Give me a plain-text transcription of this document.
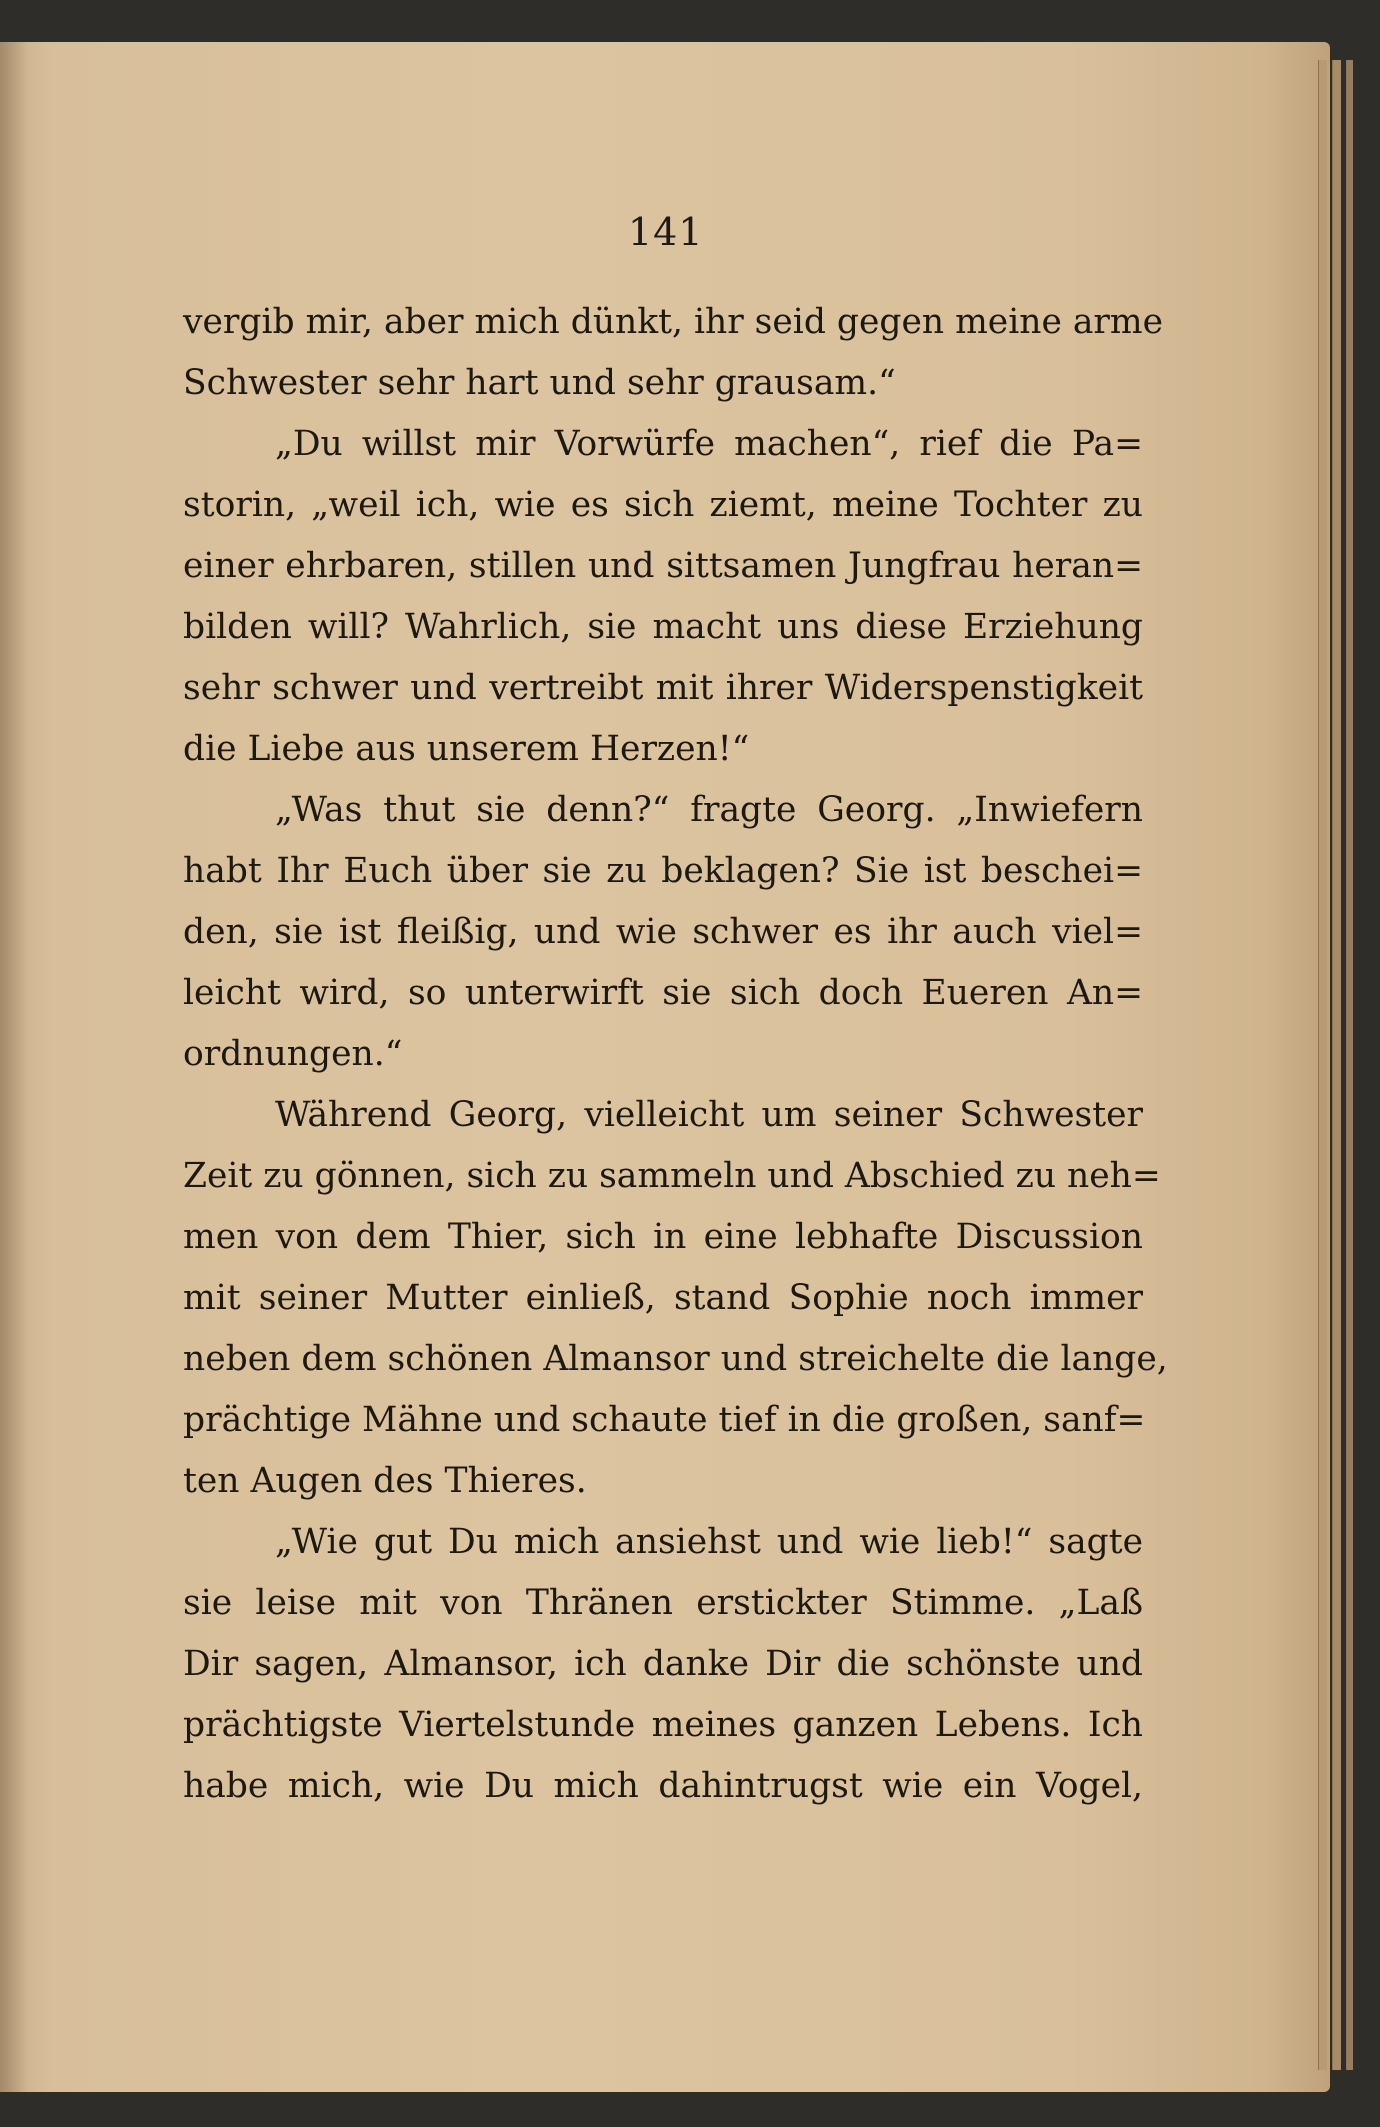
141
vergib mir, aber mich dünkt, ihr seid gegen meine arme
Schwester sehr hart und sehr grausam.“
„Du willst mir Vorwürfe machen“, rief die Pa=
storin, „weil ich, wie es sich ziemt, meine Tochter zu
einer ehrbaren, stillen und sittsamen Jungfrau heran=
bilden will? Wahrlich, sie macht uns diese Erziehung
sehr schwer und vertreibt mit ihrer Widerspenstigkeit
die Liebe aus unserem Herzen!“
„Was thut sie denn?“ fragte Georg. „Inwiefern
habt Ihr Euch über sie zu beklagen? Sie ist beschei=
den, sie ist fleißig, und wie schwer es ihr auch viel=
leicht wird, so unterwirft sie sich doch Eueren An=
ordnungen.“
Während Georg, vielleicht um seiner Schwester
Zeit zu gönnen, sich zu sammeln und Abschied zu neh=
men von dem Thier, sich in eine lebhafte Discussion
mit seiner Mutter einließ, stand Sophie noch immer
neben dem schönen Almansor und streichelte die lange,
prächtige Mähne und schaute tief in die großen, sanf=
ten Augen des Thieres.
„Wie gut Du mich ansiehst und wie lieb!“ sagte
sie leise mit von Thränen erstickter Stimme. „Laß
Dir sagen, Almansor, ich danke Dir die schönste und
prächtigste Viertelstunde meines ganzen Lebens. Ich
habe mich, wie Du mich dahintrugst wie ein Vogel,
